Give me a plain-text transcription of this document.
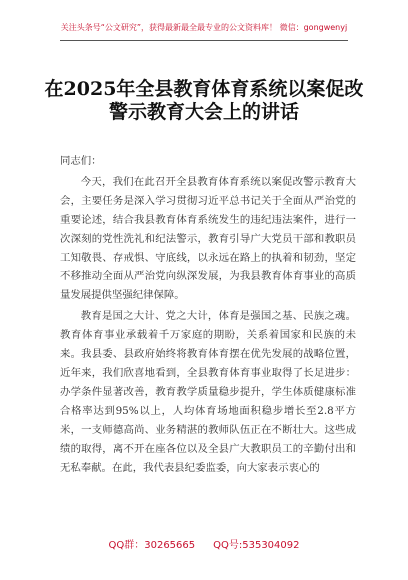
关注头条号“公文研究”，获得最新最全最专业的公文资料库！ 微信：gongwenyj
在2025年全县教育体育系统以案促改
警示教育大会上的讲话

同志们：

今天，我们在此召开全县教育体育系统以案促改警示教育大会，主要任务是深入学习贯彻习近平总书记关于全面从严治党的重要论述，结合我县教育体育系统发生的违纪违法案件，进行一次深刻的党性洗礼和纪法警示，教育引导广大党员干部和教职员工知敬畏、存戒惧、守底线，以永远在路上的执着和韧劲，坚定不移推动全面从严治党向纵深发展，为我县教育体育事业的高质量发展提供坚强纪律保障。

教育是国之大计、党之大计，体育是强国之基、民族之魂。教育体育事业承载着千万家庭的期盼，关系着国家和民族的未来。我县委、县政府始终将教育体育摆在优先发展的战略位置，近年来，我们欣喜地看到，全县教育体育事业取得了长足进步：办学条件显著改善，教育教学质量稳步提升，学生体质健康标准合格率达到95%以上，人均体育场地面积稳步增长至2.8平方米，一支师德高尚、业务精湛的教师队伍正在不断壮大。这些成绩的取得，离不开在座各位以及全县广大教职员工的辛勤付出和无私奉献。在此，我代表县纪委监委，向大家表示衷心的

QQ群：30265665 QQ号:535304092
